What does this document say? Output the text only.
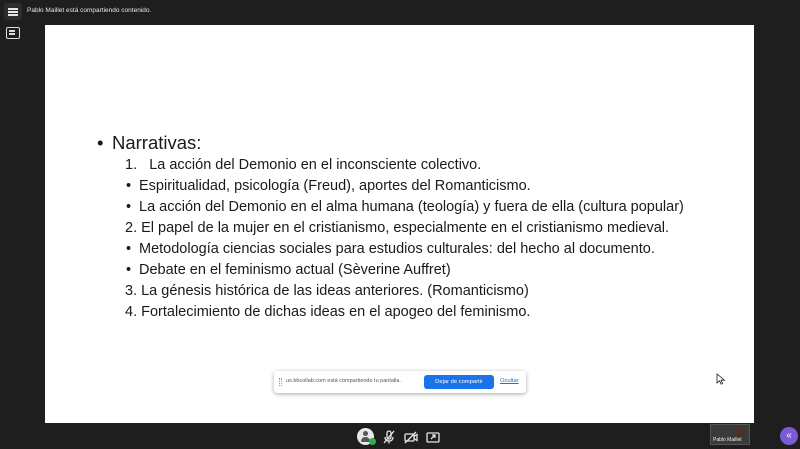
Pablo Maillet está compartiendo contenido.
• Narrativas:
1. La acción del Demonio en el inconsciente colectivo.
• Espiritualidad, psicología (Freud), aportes del Romanticismo.
• La acción del Demonio en el alma humana (teología) y fuera de ella (cultura popular)
2. El papel de la mujer en el cristianismo, especialmente en el cristianismo medieval.
• Metodología ciencias sociales para estudios culturales: del hecho al documento.
• Debate en el feminismo actual (Sèverine Auffret)
3. La génesis histórica de las ideas anteriores. (Romanticismo)
4. Fortalecimiento de dichas ideas en el apogeo del feminismo.
us.bbcollab.com está compartiendo tu pantalla.	Dejar de compartir	Ocultar
Pablo Maillet	«
